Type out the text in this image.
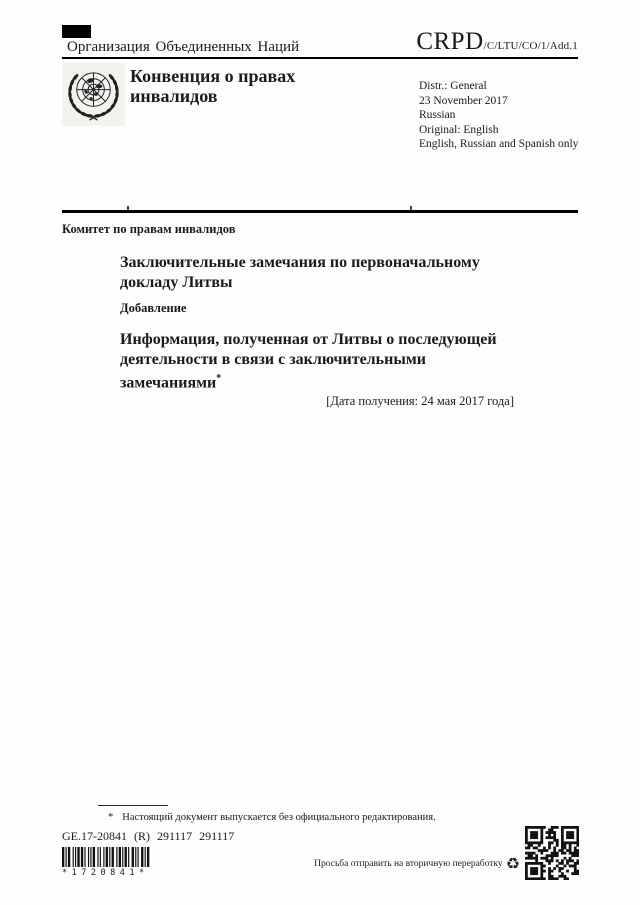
Организация Объединенных Наций	CRPD /C/LTU/CO/1/Add.1
Конвенция о правах
инвалидов	Distr.: General
23 November 2017
Russian
Original: English
English, Russian and Spanish only
Комитет по правам инвалидов
Заключительные замечания по первоначальному
докладу Литвы
Добавление
Информация, полученная от Литвы о последующей
деятельности в связи с заключительными
замечаниями*
[Дата получения: 24 мая 2017 года]
* Настоящий документ выпускается без официального редактирования.
GE.17-20841 (R) 291117 291117
*1720841*
Просьба отправить на вторичную переработку ♻
